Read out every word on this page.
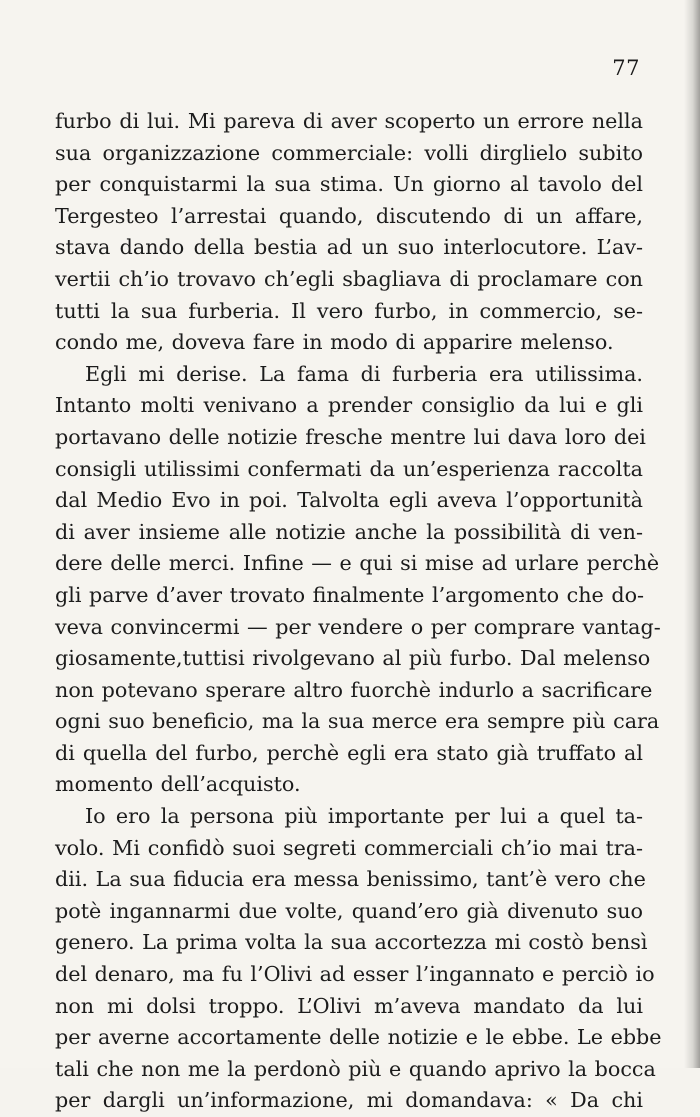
77
furbo di lui. Mi pareva di aver scoperto un errore nella
sua organizzazione commerciale: volli dirglielo subito
per conquistarmi la sua stima. Un giorno al tavolo del
Tergesteo l’arrestai quando, discutendo di un affare,
stava dando della bestia ad un suo interlocutore. L’av-
vertii ch’io trovavo ch’egli sbagliava di proclamare con
tutti la sua furberia. Il vero furbo, in commercio, se-
condo me, doveva fare in modo di apparire melenso.
Egli mi derise. La fama di furberia era utilissima.
Intanto molti venivano a prender consiglio da lui e gli
portavano delle notizie fresche mentre lui dava loro dei
consigli utilissimi confermati da un’esperienza raccolta
dal Medio Evo in poi. Talvolta egli aveva l’opportunità
di aver insieme alle notizie anche la possibilità di ven-
dere delle merci. Infine — e qui si mise ad urlare perchè
gli parve d’aver trovato finalmente l’argomento che do-
veva convincermi — per vendere o per comprare vantag-
giosamente,tuttisi rivolgevano al più furbo. Dal melenso
non potevano sperare altro fuorchè indurlo a sacrificare
ogni suo beneficio, ma la sua merce era sempre più cara
di quella del furbo, perchè egli era stato già truffato al
momento dell’acquisto.
Io ero la persona più importante per lui a quel ta-
volo. Mi confidò suoi segreti commerciali ch’io mai tra-
dii. La sua fiducia era messa benissimo, tant’è vero che
potè ingannarmi due volte, quand’ero già divenuto suo
genero. La prima volta la sua accortezza mi costò bensì
del denaro, ma fu l’Olivi ad esser l’ingannato e perciò io
non mi dolsi troppo. L’Olivi m’aveva mandato da lui
per averne accortamente delle notizie e le ebbe. Le ebbe
tali che non me la perdonò più e quando aprivo la bocca
per dargli un’informazione, mi domandava: « Da chi
